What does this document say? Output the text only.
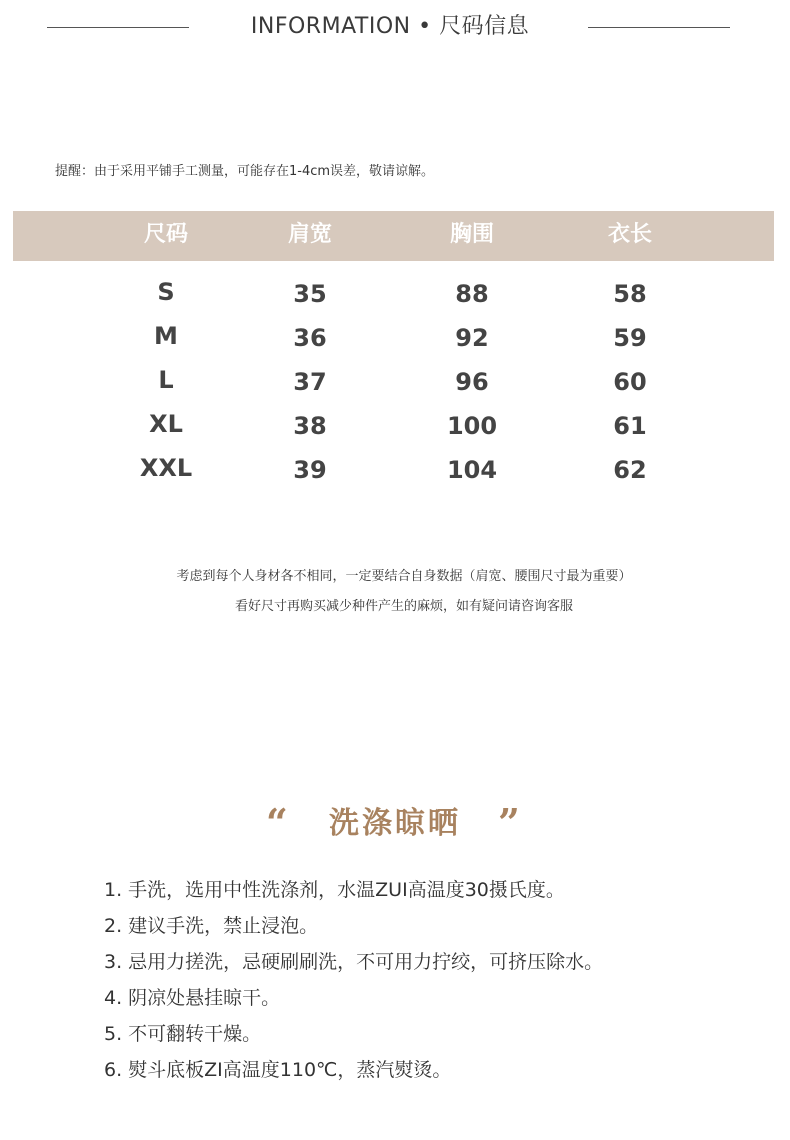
INFORMATION • 尺码信息
提醒：由于采用平铺手工测量，可能存在1-4cm误差，敬请谅解。
尺码	肩宽	胸围	衣长
S	35	88	58
M	36	92	59
L	37	96	60
XL	38	100	61
XXL	39	104	62
考虑到每个人身材各不相同，一定要结合自身数据（肩宽、腰围尺寸最为重要）
看好尺寸再购买减少种件产生的麻烦，如有疑问请咨询客服
“	洗涤晾晒 ”
1. 手洗，选用中性洗涤剂，水温ZUI高温度30摄氏度。
2. 建议手洗，禁止浸泡。
3. 忌用力搓洗，忌硬刷刷洗，不可用力拧绞，可挤压除水。
4. 阴凉处悬挂晾干。
5. 不可翻转干燥。
6. 熨斗底板ZI高温度110℃，蒸汽熨烫。
